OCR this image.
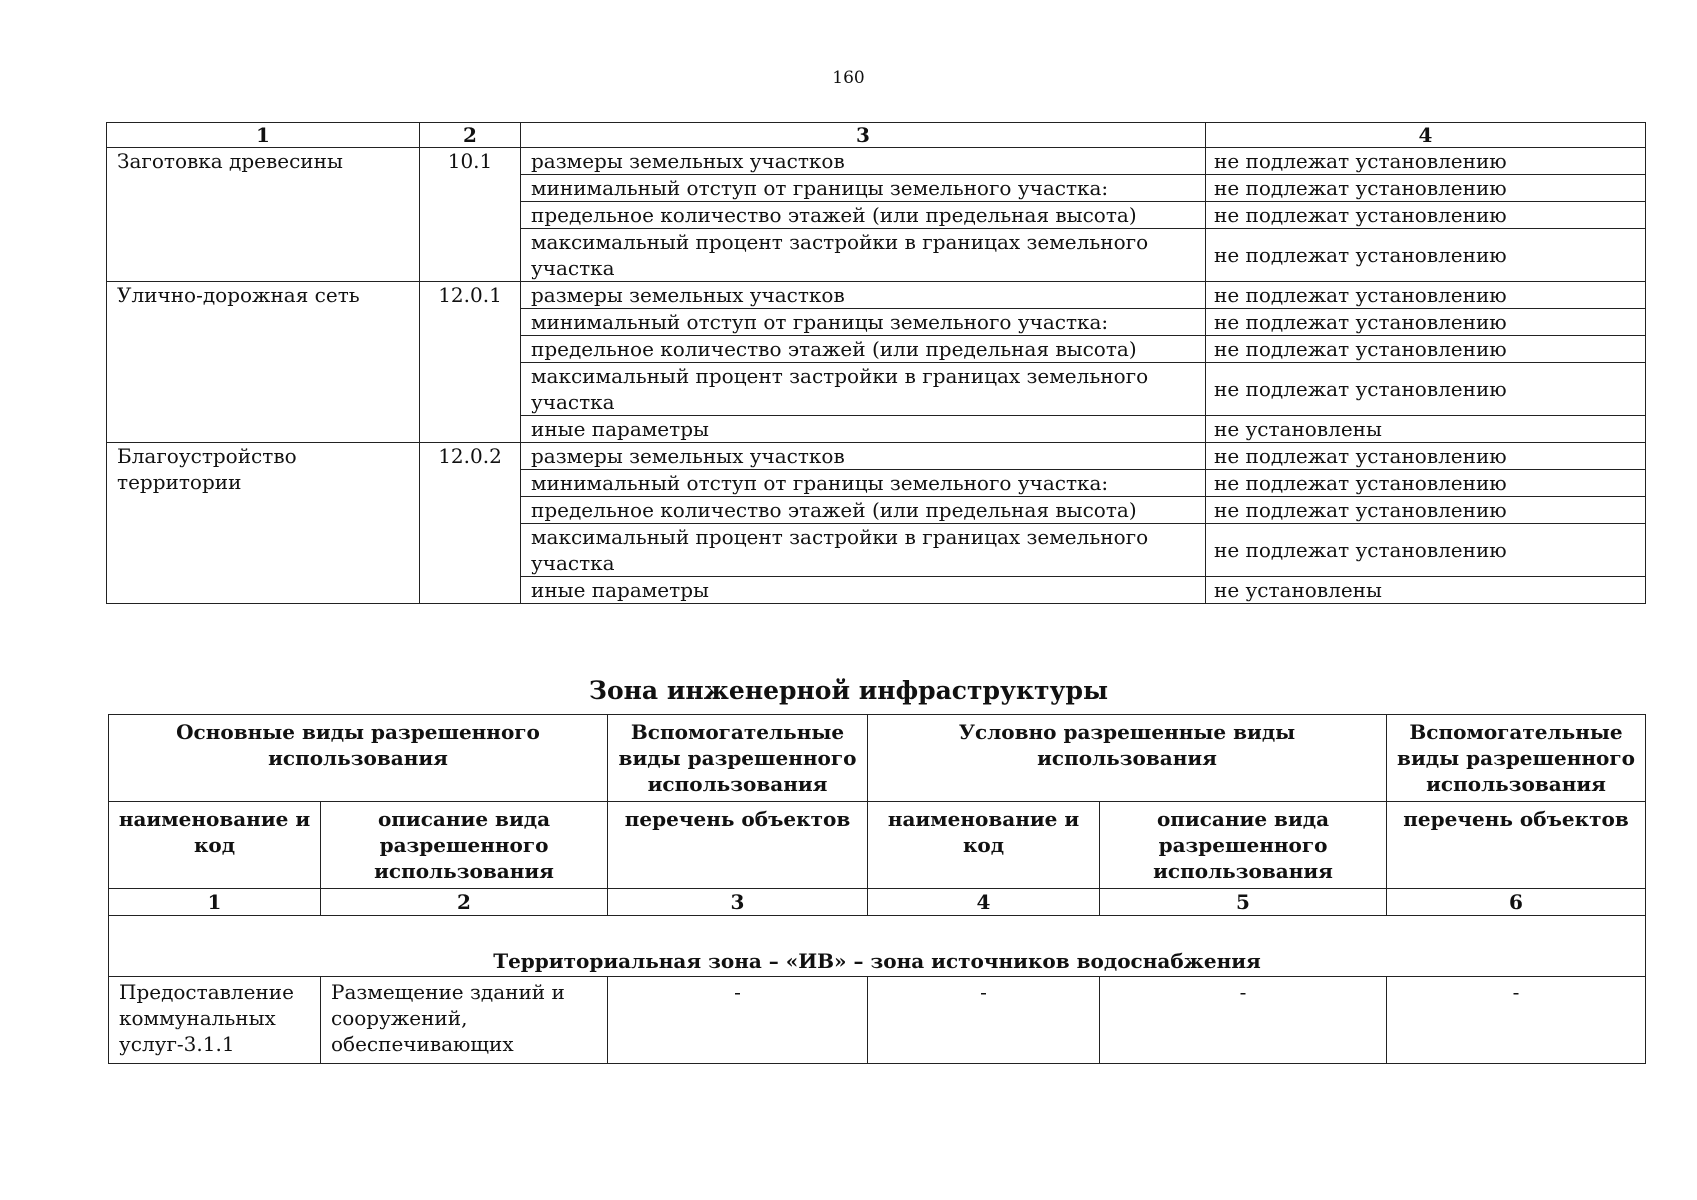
160
1	2	3	4
Заготовка древесины	10.1	размеры земельных участков	не подлежат установлению
		минимальный отступ от границы земельного участка:	не подлежат установлению
		предельное количество этажей (или предельная высота)	не подлежат установлению
		максимальный процент застройки в границах земельного участка	не подлежат установлению
Улично-дорожная сеть	12.0.1	размеры земельных участков	не подлежат установлению
		минимальный отступ от границы земельного участка:	не подлежат установлению
		предельное количество этажей (или предельная высота)	не подлежат установлению
		максимальный процент застройки в границах земельного участка	не подлежат установлению
		иные параметры	не установлены
Благоустройство территории	12.0.2	размеры земельных участков	не подлежат установлению
		минимальный отступ от границы земельного участка:	не подлежат установлению
		предельное количество этажей (или предельная высота)	не подлежат установлению
		максимальный процент застройки в границах земельного участка	не подлежат установлению
		иные параметры	не установлены
Зона инженерной инфраструктуры
Основные виды разрешенного использования		Вспомогательные виды разрешенного использования	Условно разрешенные виды использования		Вспомогательные виды разрешенного использования
наименование и код	описание вида разрешенного использования	перечень объектов	наименование и код	описание вида разрешенного использования	перечень объектов
1	2	3	4	5	6
Территориальная зона – «ИВ» – зона источников водоснабжения					
Предоставление коммунальных услуг-3.1.1	Размещение зданий и сооружений, обеспечивающих	-	-	-	-
